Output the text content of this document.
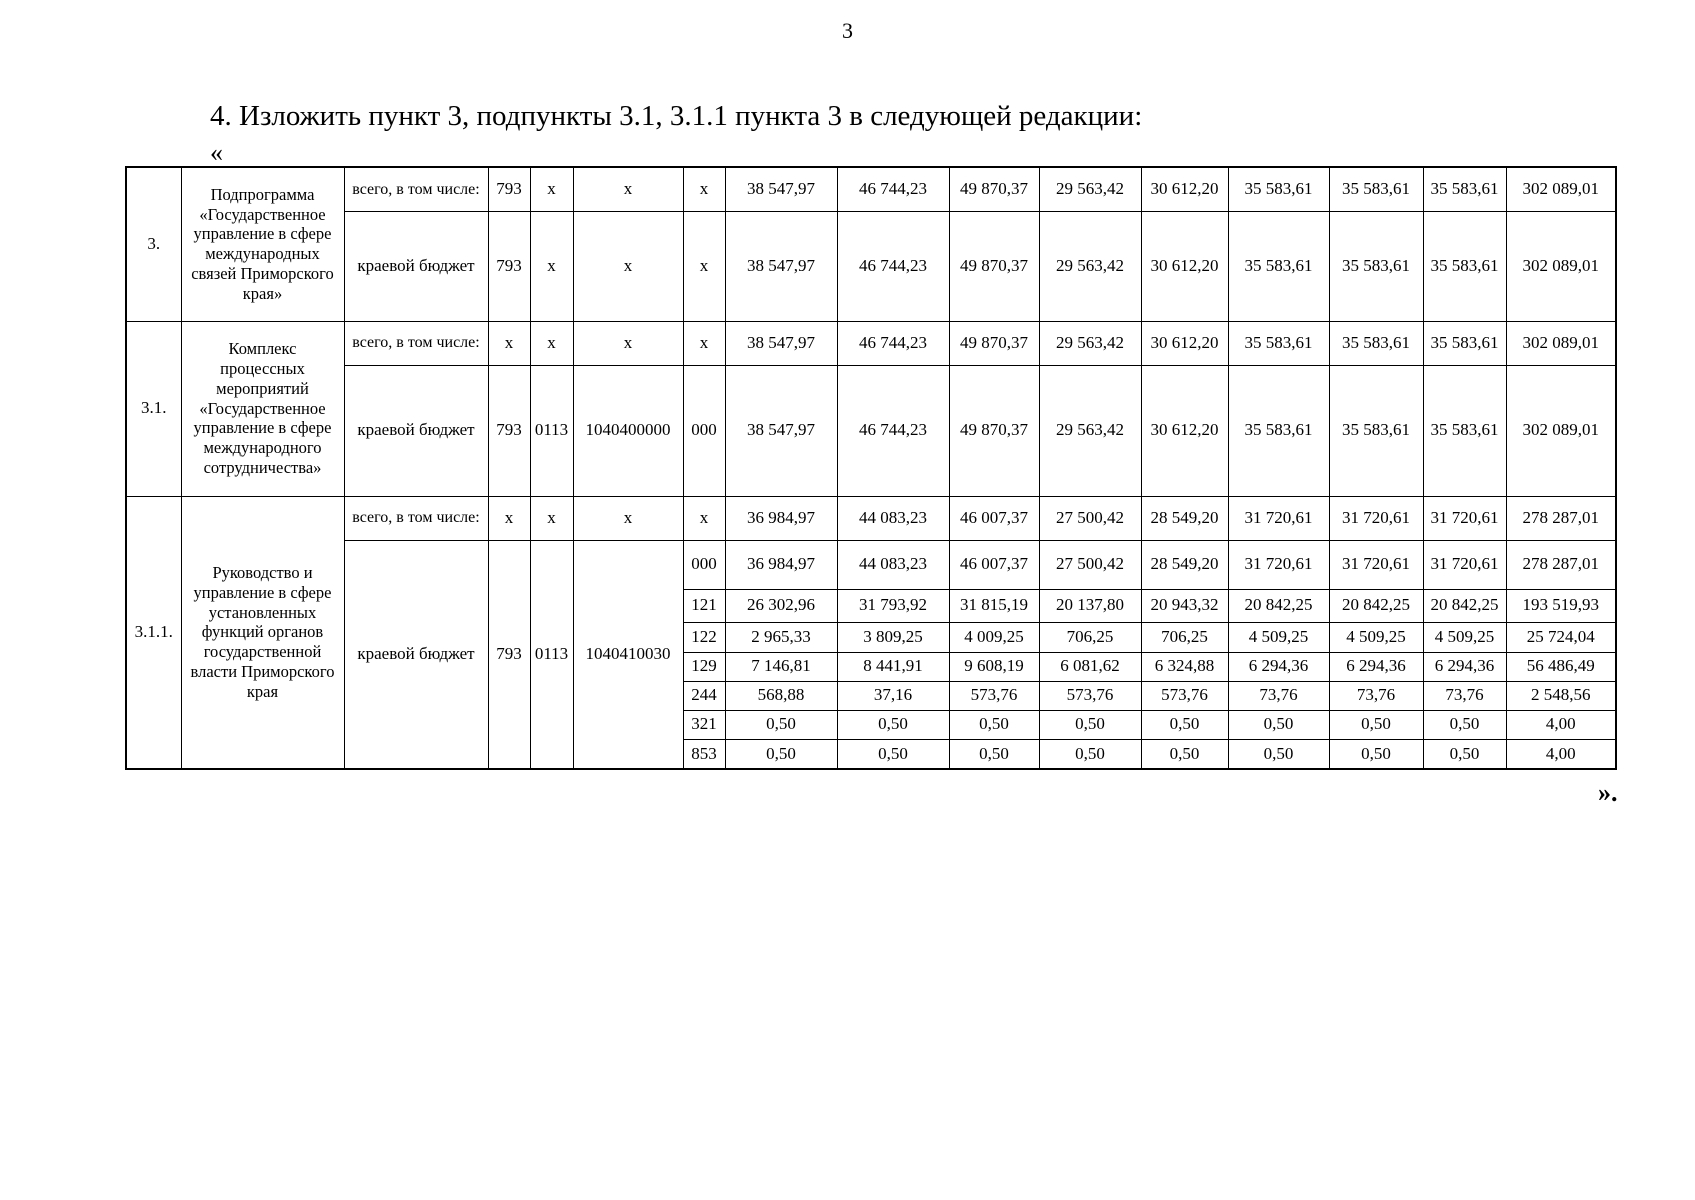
3
4. Изложить пункт 3, подпункты 3.1, 3.1.1 пункта 3 в следующей редакции:
«
3.	Подпрограмма «Государственное управление в сфере международных связей Приморского края»	всего, в том числе:	793	x	x	x	38 547,97	46 744,23	49 870,37	29 563,42	30 612,20	35 583,61	35 583,61	35 583,61	302 089,01
		краевой бюджет	793	x	x	x	38 547,97	46 744,23	49 870,37	29 563,42	30 612,20	35 583,61	35 583,61	35 583,61	302 089,01
3.1.	Комплекс процессных мероприятий «Государственное управление в сфере международного сотрудничества»	всего, в том числе:	x	x	x	x	38 547,97	46 744,23	49 870,37	29 563,42	30 612,20	35 583,61	35 583,61	35 583,61	302 089,01
		краевой бюджет	793	0113	1040400000	000	38 547,97	46 744,23	49 870,37	29 563,42	30 612,20	35 583,61	35 583,61	35 583,61	302 089,01
3.1.1.	Руководство и управление в сфере установленных функций органов государственной власти Приморского края	всего, в том числе:	x	x	x	x	36 984,97	44 083,23	46 007,37	27 500,42	28 549,20	31 720,61	31 720,61	31 720,61	278 287,01
		краевой бюджет	793	0113	1040410030	000	36 984,97	44 083,23	46 007,37	27 500,42	28 549,20	31 720,61	31 720,61	31 720,61	278 287,01
						121	26 302,96	31 793,92	31 815,19	20 137,80	20 943,32	20 842,25	20 842,25	20 842,25	193 519,93
						122	2 965,33	3 809,25	4 009,25	706,25	706,25	4 509,25	4 509,25	4 509,25	25 724,04
						129	7 146,81	8 441,91	9 608,19	6 081,62	6 324,88	6 294,36	6 294,36	6 294,36	56 486,49
						244	568,88	37,16	573,76	573,76	573,76	73,76	73,76	73,76	2 548,56
						321	0,50	0,50	0,50	0,50	0,50	0,50	0,50	0,50	4,00
						853	0,50	0,50	0,50	0,50	0,50	0,50	0,50	0,50	4,00
».
